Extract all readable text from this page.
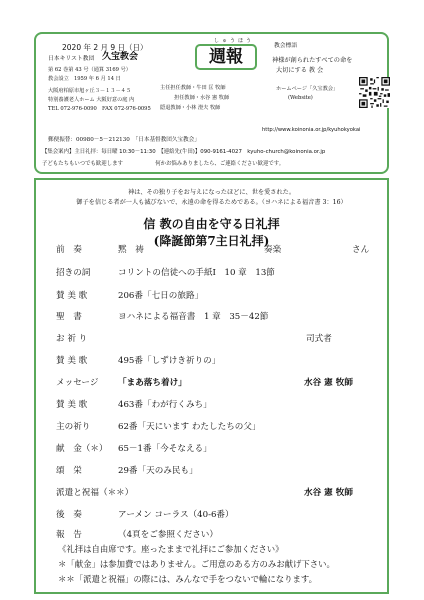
2020 年 2 月 9 日（日）
日本キリスト教団 久宝教会
第 62 巻第 43 号（通算 3169 号）
教会設立　1959 年 6 月 14 日
大阪府柏原市旭ヶ丘３－１３－４５
特別養護老人ホーム 大阪好意の庭 内
TEL 072-976-0090　FAX 072-976-0095
しゅうほう
週報
主任担任教師・牛田 匡 牧師
担任教師・水谷 憲 牧師
隠退教師・小林 澄夫 牧師
教会標語
神様が創られたすべての命を
大切にする 教 会
ホームページ「久宝教会」
(Website)
http://www.koinonia.or.jp/kyuhokyokai
郵便振替：00980－5－212130　「日本基督教団久宝教会」
【集会案内】主日礼拝：毎日曜 10:30－11:30　【連絡先(牛田)】090-9161-4027　kyuho-church@koinonia.or.jp
子どもたちもいつでも歓迎します　　　　　　何かお悩みありましたら、ご連絡ください歓迎です。
神は、その独り子をお与えになったほどに、世を愛された。
御子を信じる者が一人も滅びないで、永遠の命を得るためである。（ヨハネによる福音書 3：16）
信 教の自由を守る日礼拝
(降誕節第7主日礼拝)
前　奏	黙　祷	奏楽	さん
招きの詞	コリントの信徒への手紙Ⅰ　10 章　13節
賛 美 歌	206番「七日の旅路」
聖　書	ヨハネによる福音書　1 章　35－42節
お 祈 り	司式者
賛 美 歌	495番「しずけき祈りの」
メッセージ 「まあ落ち着け」	水谷 憲 牧師
賛 美 歌	463番「わが行くみち」
主の祈り	62番「天にいます わたしたちの父」
献　金（＊） 65－1番「今そなえる」
頌　栄	29番「天のみ民も」
派遣と祝福（＊＊）	水谷 憲 牧師
後　奏	アーメン コーラス（40-6番）
報　告	（4頁をご参照ください）
《礼拝は自由席です。座ったままで礼拝にご参加ください》
＊「献金」は参加費ではありません。ご用意のある方のみお献げ下さい。
＊＊「派遣と祝福」の際には、みんなで手をつないで輪になります。
